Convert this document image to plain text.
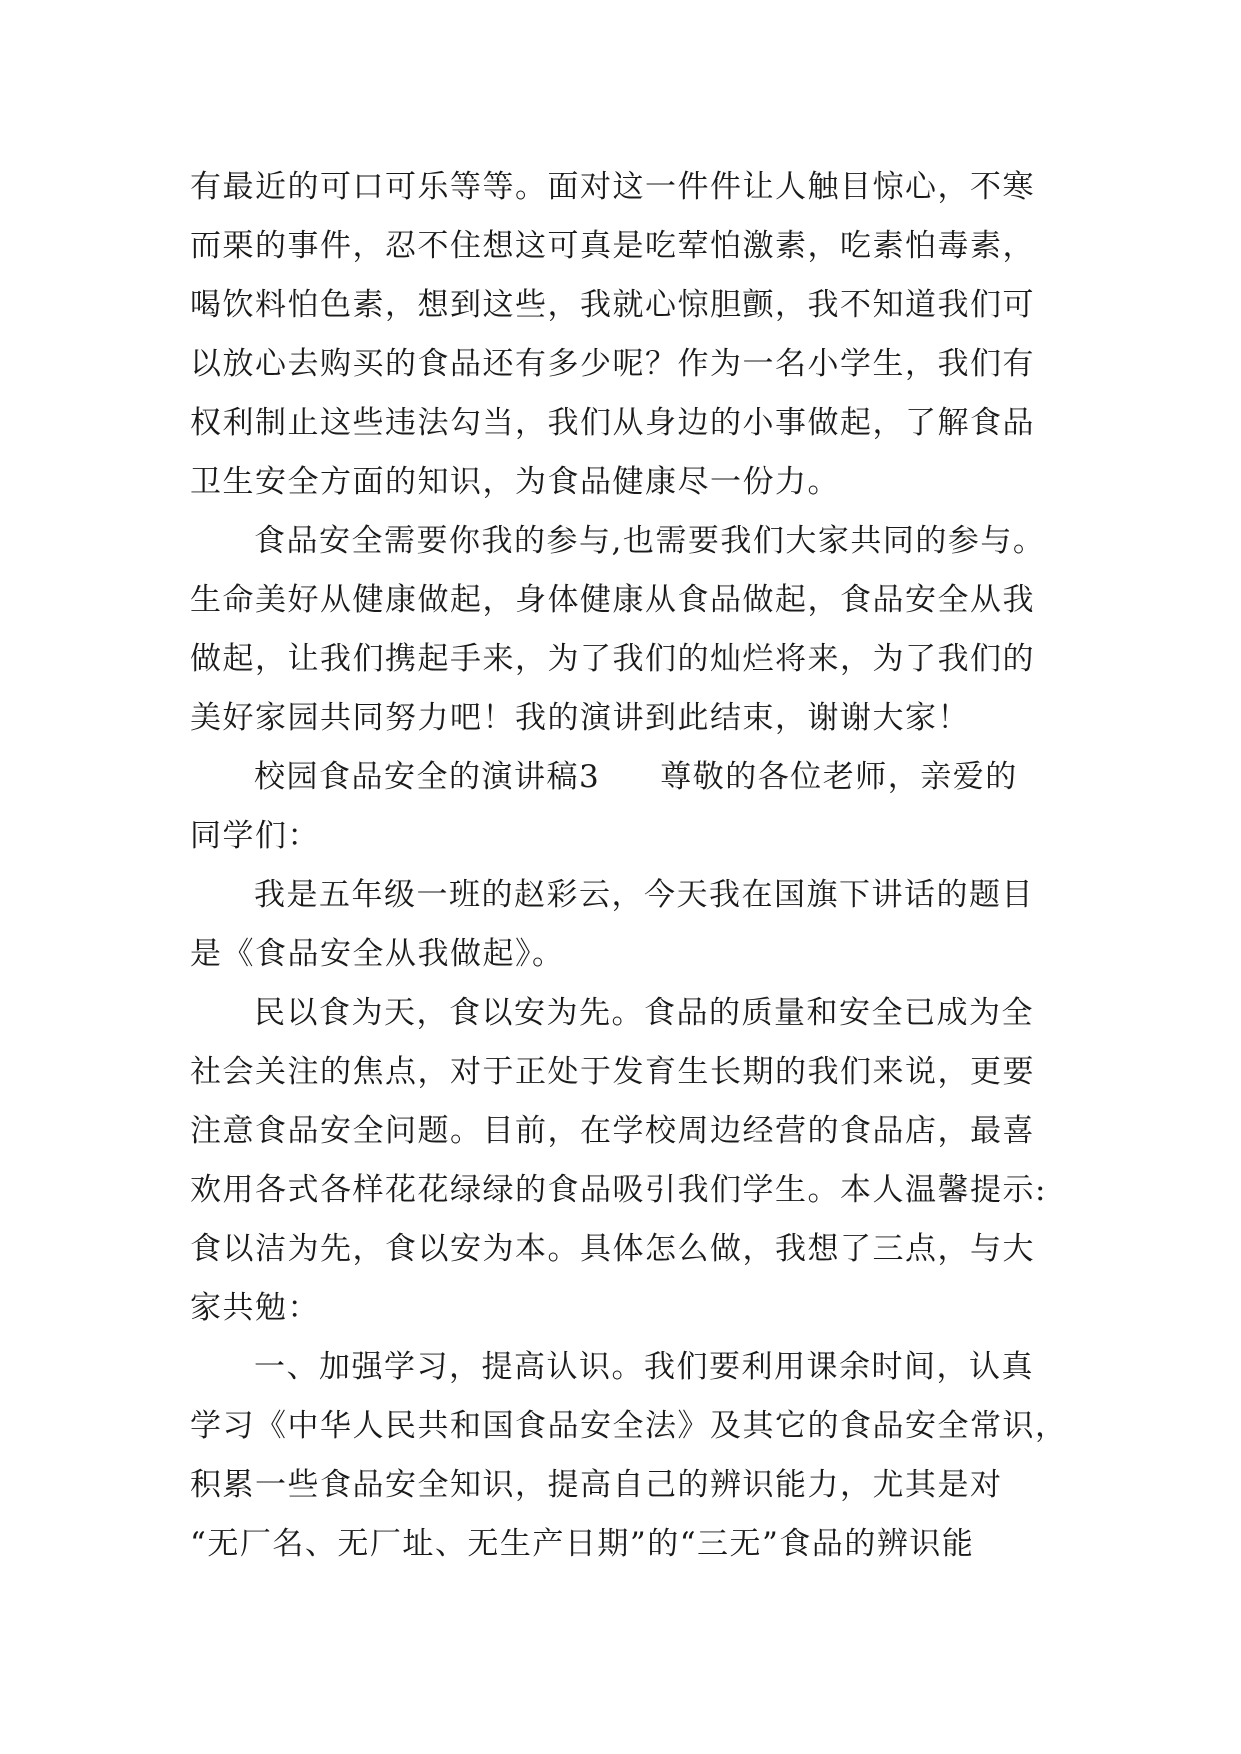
有最近的可口可乐等等。面对这一件件让人触目惊心，不寒
而栗的事件，忍不住想这可真是吃荤怕激素，吃素怕毒素，
喝饮料怕色素，想到这些，我就心惊胆颤，我不知道我们可
以放心去购买的食品还有多少呢？作为一名小学生，我们有
权利制止这些违法勾当，我们从身边的小事做起，了解食品
卫生安全方面的知识，为食品健康尽一份力。
食品安全需要你我的参与,也需要我们大家共同的参与。
生命美好从健康做起，身体健康从食品做起，食品安全从我
做起，让我们携起手来，为了我们的灿烂将来，为了我们的
美好家园共同努力吧！我的演讲到此结束，谢谢大家！
校园食品安全的演讲稿3 尊敬的各位老师，亲爱的
同学们：
我是五年级一班的赵彩云，今天我在国旗下讲话的题目
是《食品安全从我做起》。
民以食为天，食以安为先。食品的质量和安全已成为全
社会关注的焦点，对于正处于发育生长期的我们来说，更要
注意食品安全问题。目前，在学校周边经营的食品店，最喜
欢用各式各样花花绿绿的食品吸引我们学生。本人温馨提示:
食以洁为先，食以安为本。具体怎么做，我想了三点，与大
家共勉：
一、加强学习，提高认识。我们要利用课余时间，认真
学习《中华人民共和国食品安全法》及其它的食品安全常识，
积累一些食品安全知识，提高自己的辨识能力，尤其是对
“无厂名、无厂址、无生产日期”的“三无”食品的辨识能
